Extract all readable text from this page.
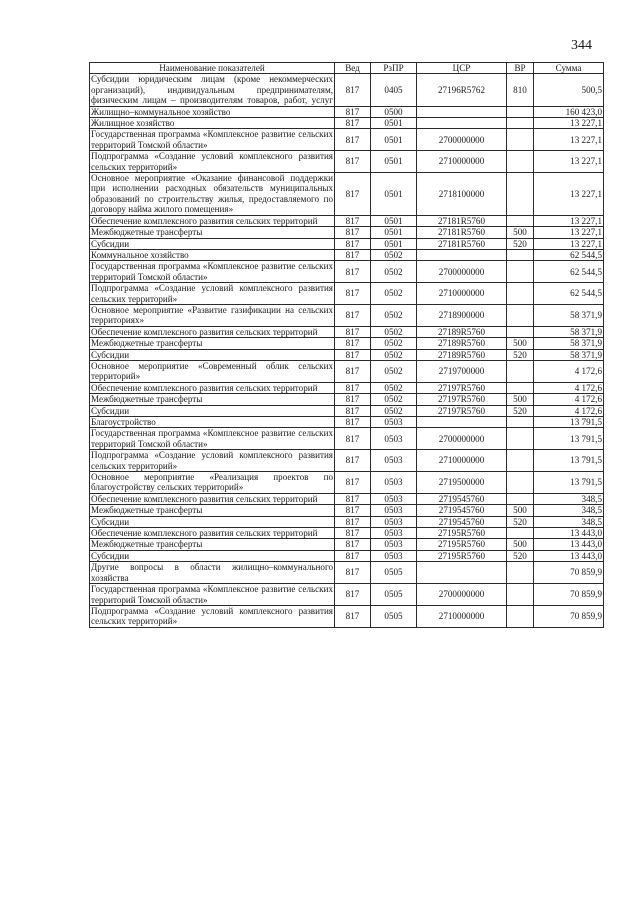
344
Наименование показателей	Вед	РзПР	ЦСР	ВР	Сумма
Субсидии юридическим лицам (кроме некоммерческих организаций), индивидуальным предпринимателям, физическим лицам – производителям товаров, работ, услуг	817	0405	27196R5762	810	500,5
Жилищно–коммунальное хозяйство	817	0500			160 423,0
Жилищное хозяйство	817	0501			13 227,1
Государственная программа «Комплексное развитие сельских территорий Томской области»	817	0501	2700000000		13 227,1
Подпрограмма «Создание условий комплексного развития сельских территорий»	817	0501	2710000000		13 227,1
Основное мероприятие «Оказание финансовой поддержки при исполнении расходных обязательств муниципальных образований по строительству жилья, предоставляемого по договору найма жилого помещения»	817	0501	2718100000		13 227,1
Обеспечение комплексного развития сельских территорий	817	0501	27181R5760		13 227,1
Межбюджетные трансферты	817	0501	27181R5760	500	13 227,1
Субсидии	817	0501	27181R5760	520	13 227,1
Коммунальное хозяйство	817	0502			62 544,5
Государственная программа «Комплексное развитие сельских территорий Томской области»	817	0502	2700000000		62 544,5
Подпрограмма «Создание условий комплексного развития сельских территорий»	817	0502	2710000000		62 544,5
Основное мероприятие «Развитие газификации на сельских территориях»	817	0502	2718900000		58 371,9
Обеспечение комплексного развития сельских территорий	817	0502	27189R5760		58 371,9
Межбюджетные трансферты	817	0502	27189R5760	500	58 371,9
Субсидии	817	0502	27189R5760	520	58 371,9
Основное мероприятие «Современный облик сельских территорий»	817	0502	2719700000		4 172,6
Обеспечение комплексного развития сельских территорий	817	0502	27197R5760		4 172,6
Межбюджетные трансферты	817	0502	27197R5760	500	4 172,6
Субсидии	817	0502	27197R5760	520	4 172,6
Благоустройство	817	0503			13 791,5
Государственная программа «Комплексное развитие сельских территорий Томской области»	817	0503	2700000000		13 791,5
Подпрограмма «Создание условий комплексного развития сельских территорий»	817	0503	2710000000		13 791,5
Основное мероприятие «Реализация проектов по благоустройству сельских территорий»	817	0503	2719500000		13 791,5
Обеспечение комплексного развития сельских территорий	817	0503	2719545760		348,5
Межбюджетные трансферты	817	0503	2719545760	500	348,5
Субсидии	817	0503	2719545760	520	348,5
Обеспечение комплексного развития сельских территорий	817	0503	27195R5760		13 443,0
Межбюджетные трансферты	817	0503	27195R5760	500	13 443,0
Субсидии	817	0503	27195R5760	520	13 443,0
Другие вопросы в области жилищно–коммунального хозяйства	817	0505			70 859,9
Государственная программа «Комплексное развитие сельских территорий Томской области»	817	0505	2700000000		70 859,9
Подпрограмма «Создание условий комплексного развития сельских территорий»	817	0505	2710000000		70 859,9
